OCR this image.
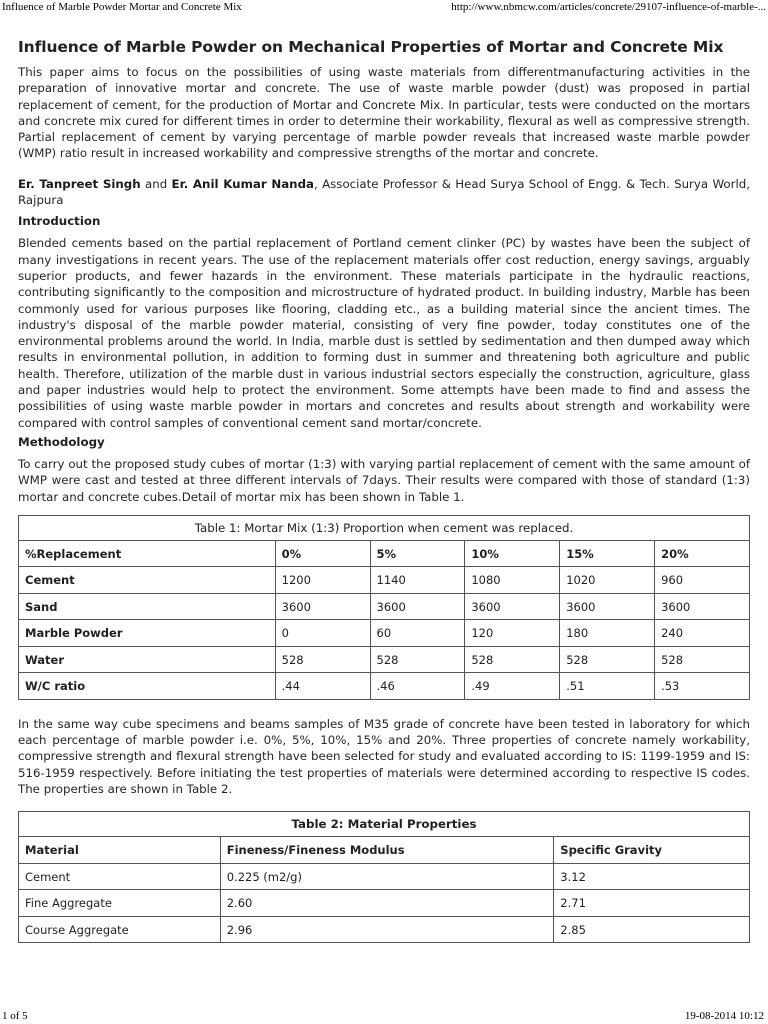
Influence of Marble Powder Mortar and Concrete Mix	http://www.nbmcw.com/articles/concrete/29107-influence-of-marble-...
Influence of Marble Powder on Mechanical Properties of Mortar and Concrete Mix

This paper aims to focus on the possibilities of using waste materials from differentmanufacturing activities in the preparation of innovative mortar and concrete. The use of waste marble powder (dust) was proposed in partial replacement of cement, for the production of Mortar and Concrete Mix. In particular, tests were conducted on the mortars and concrete mix cured for different times in order to determine their workability, flexural as well as compressive strength. Partial replacement of cement by varying percentage of marble powder reveals that increased waste marble powder (WMP) ratio result in increased workability and compressive strengths of the mortar and concrete.

Er. Tanpreet Singh and Er. Anil Kumar Nanda, Associate Professor & Head Surya School of Engg. & Tech. Surya World, Rajpura

Introduction

Blended cements based on the partial replacement of Portland cement clinker (PC) by wastes have been the subject of many investigations in recent years. The use of the replacement materials offer cost reduction, energy savings, arguably superior products, and fewer hazards in the environment. These materials participate in the hydraulic reactions, contributing significantly to the composition and microstructure of hydrated product. In building industry, Marble has been commonly used for various purposes like flooring, cladding etc., as a building material since the ancient times. The industry's disposal of the marble powder material, consisting of very fine powder, today constitutes one of the environmental problems around the world. In India, marble dust is settled by sedimentation and then dumped away which results in environmental pollution, in addition to forming dust in summer and threatening both agriculture and public health. Therefore, utilization of the marble dust in various industrial sectors especially the construction, agriculture, glass and paper industries would help to protect the environment. Some attempts have been made to find and assess the possibilities of using waste marble powder in mortars and concretes and results about strength and workability were compared with control samples of conventional cement sand mortar/concrete.

Methodology

To carry out the proposed study cubes of mortar (1:3) with varying partial replacement of cement with the same amount of WMP were cast and tested at three different intervals of 7days. Their results were compared with those of standard (1:3) mortar and concrete cubes.Detail of mortar mix has been shown in Table 1.

Table 1: Mortar Mix (1:3) Proportion when cement was replaced.
%Replacement	0%	5%	10%	15%	20%
Cement	1200	1140	1080	1020	960
Sand	3600	3600	3600	3600	3600
Marble Powder	0	60	120	180	240
Water	528	528	528	528	528
W/C ratio	.44	.46	.49	.51	.53

In the same way cube specimens and beams samples of M35 grade of concrete have been tested in laboratory for which each percentage of marble powder i.e. 0%, 5%, 10%, 15% and 20%. Three properties of concrete namely workability, compressive strength and flexural strength have been selected for study and evaluated according to IS: 1199-1959 and IS: 516-1959 respectively. Before initiating the test properties of materials were determined according to respective IS codes. The properties are shown in Table 2.

Table 2: Material Properties
Material	Fineness/Fineness Modulus	Specific Gravity
Cement	0.225 (m2/g)	3.12
Fine Aggregate	2.60	2.71
Course Aggregate	2.96	2.85
1 of 5	19-08-2014 10:12
